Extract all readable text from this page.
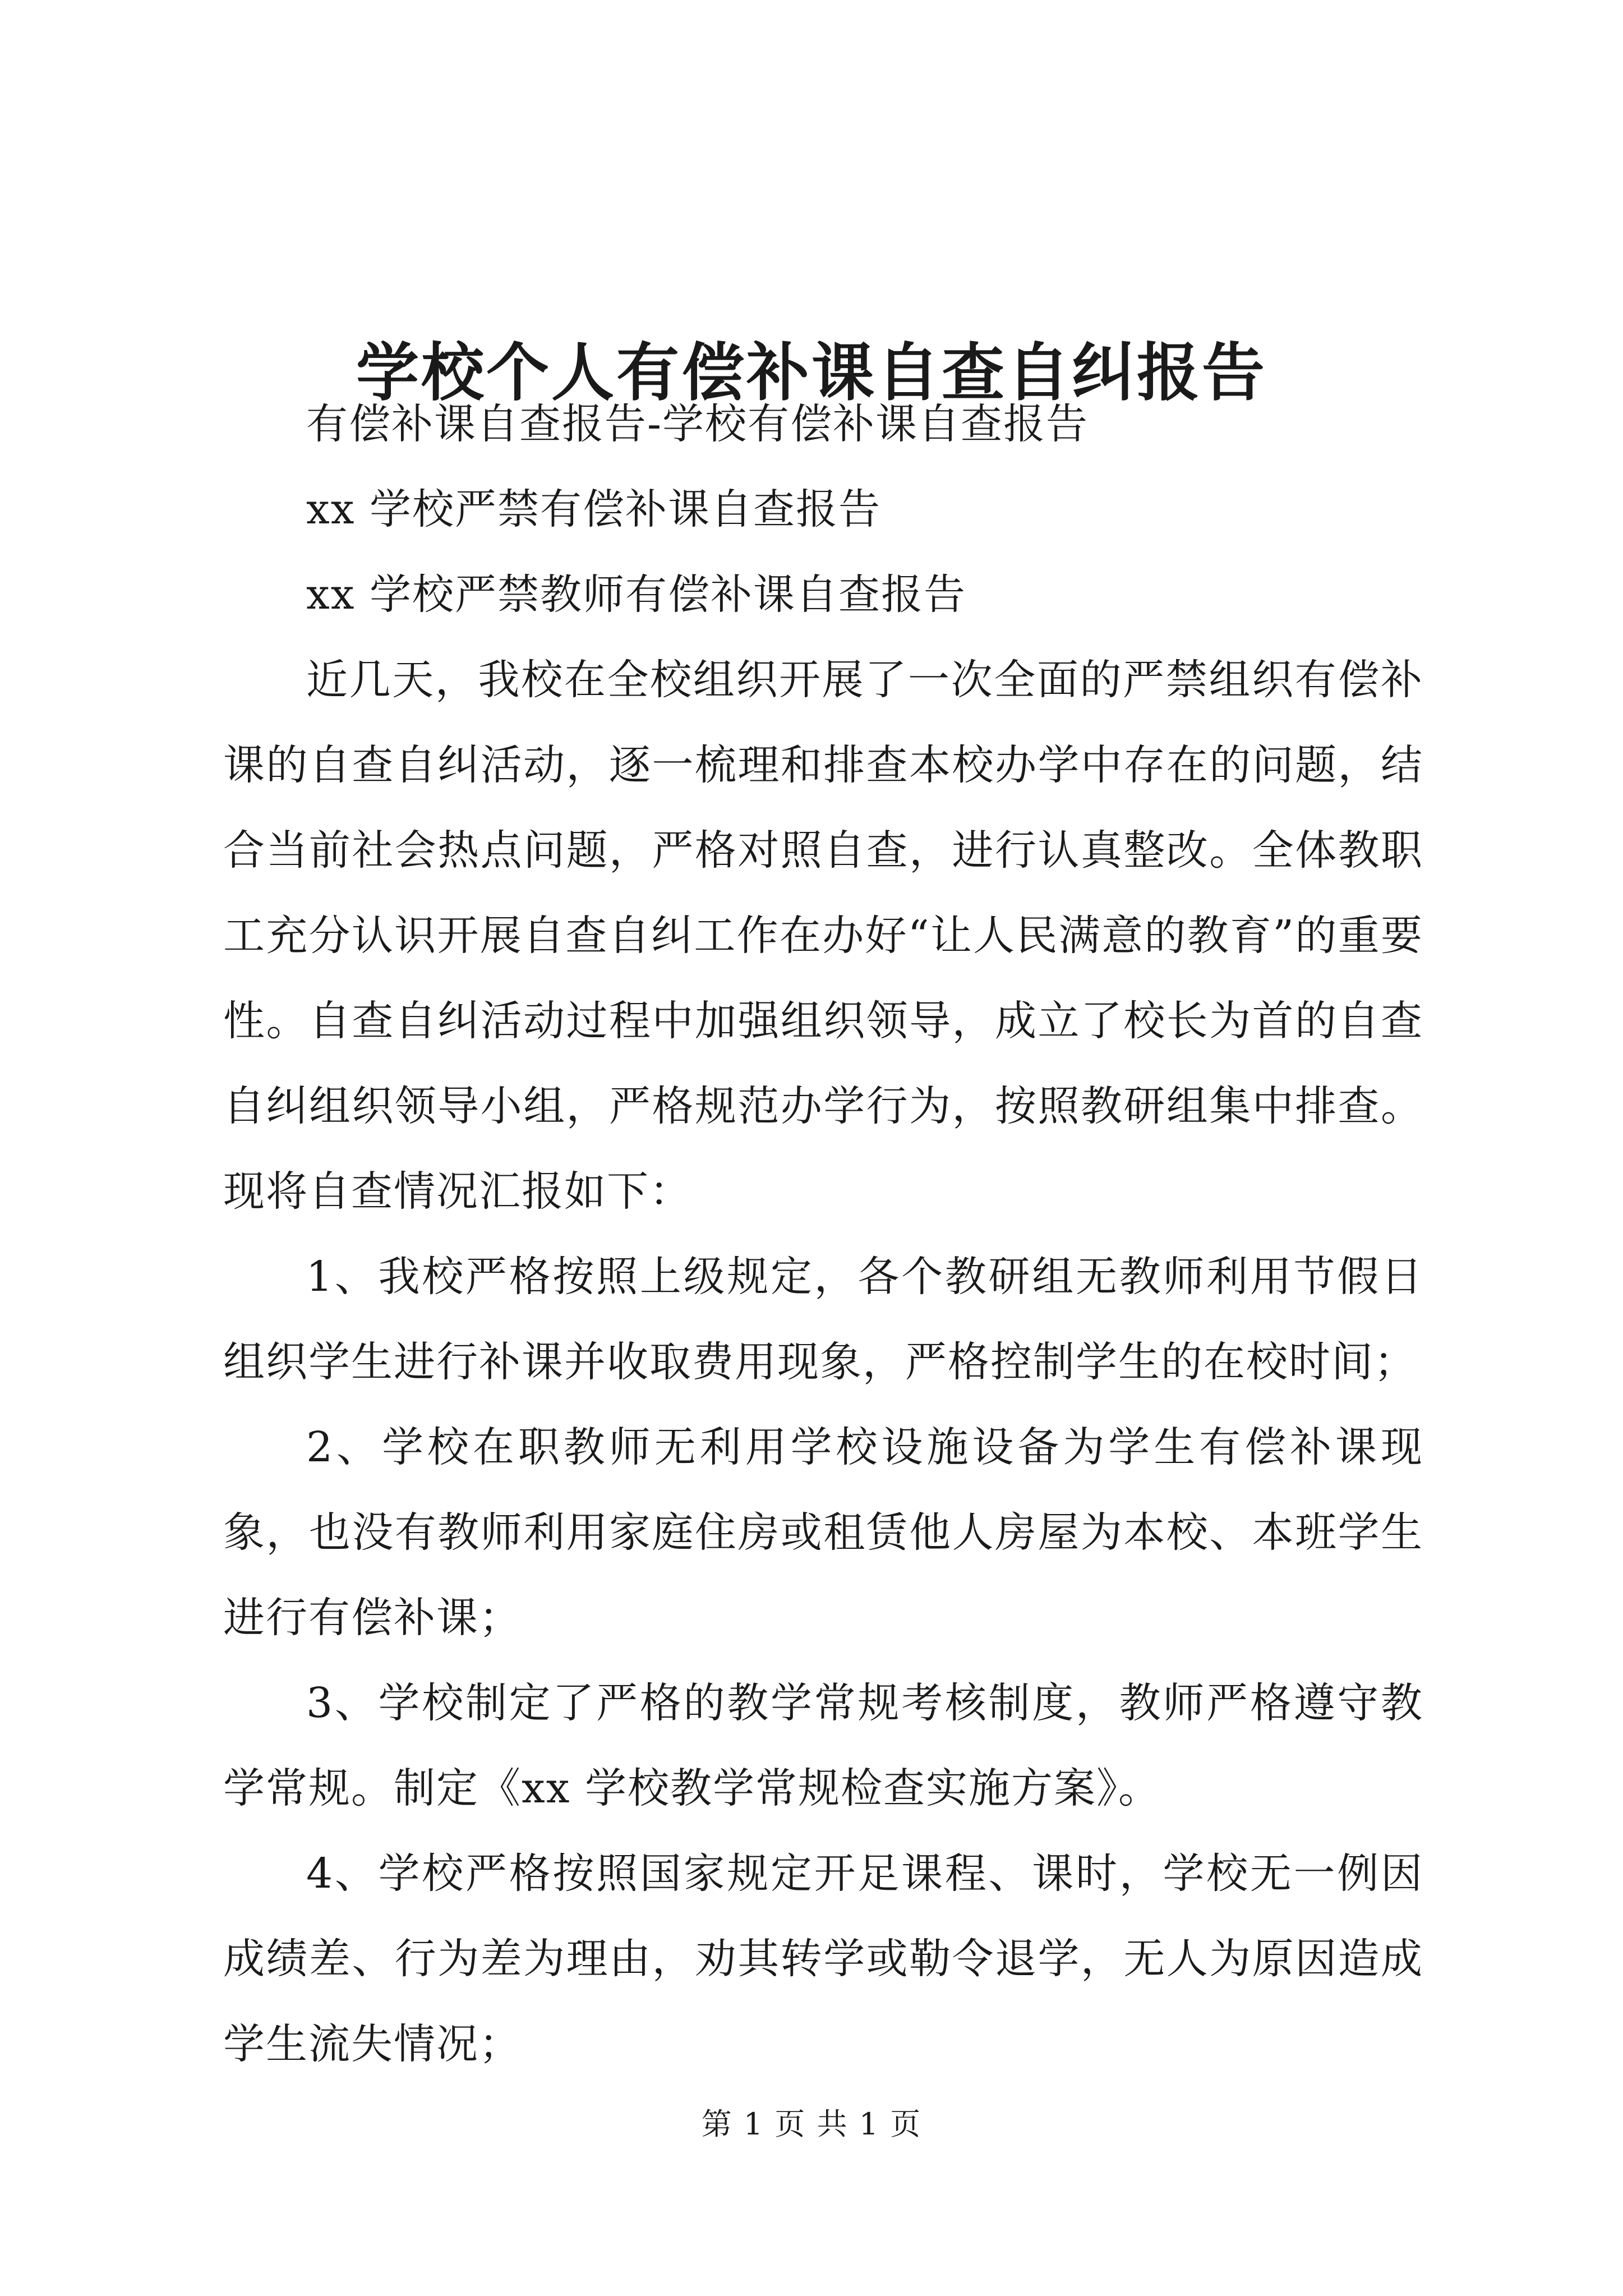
学校个人有偿补课自查自纠报告

有偿补课自查报告-学校有偿补课自查报告

xx 学校严禁有偿补课自查报告

xx 学校严禁教师有偿补课自查报告

近几天，我校在全校组织开展了一次全面的严禁组织有偿补课的自查自纠活动，逐一梳理和排查本校办学中存在的问题，结合当前社会热点问题，严格对照自查，进行认真整改。全体教职工充分认识开展自查自纠工作在办好“让人民满意的教育”的重要性。自查自纠活动过程中加强组织领导，成立了校长为首的自查自纠组织领导小组，严格规范办学行为，按照教研组集中排查。现将自查情况汇报如下：

1、我校严格按照上级规定，各个教研组无教师利用节假日组织学生进行补课并收取费用现象，严格控制学生的在校时间；

2、学校在职教师无利用学校设施设备为学生有偿补课现象，也没有教师利用家庭住房或租赁他人房屋为本校、本班学生进行有偿补课；

3、学校制定了严格的教学常规考核制度，教师严格遵守教学常规。制定《xx 学校教学常规检查实施方案》。

4、学校严格按照国家规定开足课程、课时，学校无一例因成绩差、行为差为理由，劝其转学或勒令退学，无人为原因造成学生流失情况；

第 1 页 共 1 页
